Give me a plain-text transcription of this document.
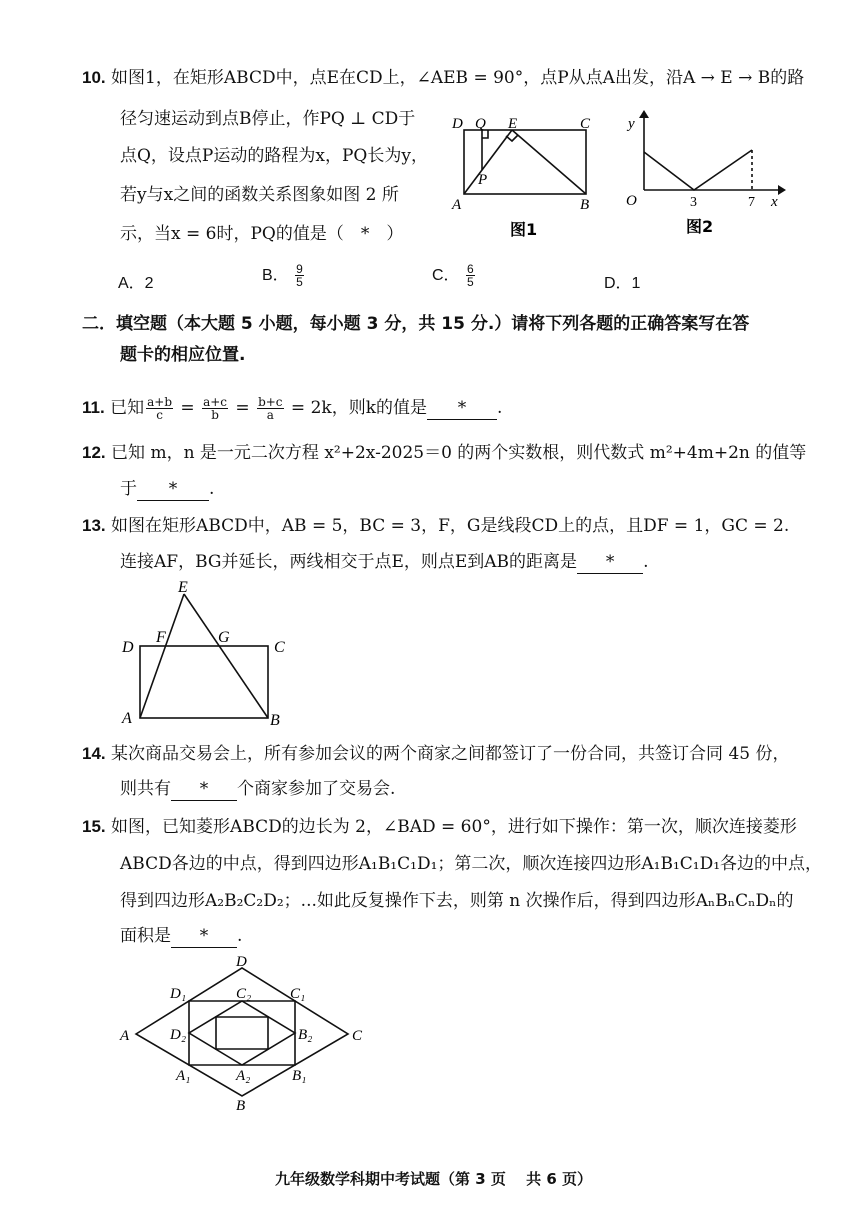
10. 如图1，在矩形ABCD中，点E在CD上，∠AEB = 90°，点P从点A出发，沿A → E → B的路
径匀速运动到点B停止，作PQ ⊥ CD于
点Q，设点P运动的路程为x，PQ长为y，
若y与x之间的函数关系图象如图 2 所
示，当x = 6时，PQ的值是（　*　）
D Q E	C
P
A	B
图1
y
O	3	7 x
图2
A．2	B． $\frac{9}{5}$	C． $\frac{6}{5}$	D．1
二．填空题（本大题 5 小题，每小题 3 分，共 15 分.）请将下列各题的正确答案写在答
题卡的相应位置.
11. 已知 $\frac{a+b}{c} = \frac{a+c}{b} = \frac{b+c}{a} = 2k$，则k的值是 * .
12. 已知 m，n 是一元二次方程 x²+2x-2025＝0 的两个实数根，则代数式 m²+4m+2n 的值等
于 * .
13. 如图在矩形ABCD中，AB = 5，BC = 3，F，G是线段CD上的点，且DF = 1，GC = 2.
连接AF，BG并延长，两线相交于点E，则点E到AB的距离是 * .
E
D
F	G
C
A	B
14. 某次商品交易会上，所有参加会议的两个商家之间都签订了一份合同，共签订合同 45 份，
则共有 * 个商家参加了交易会.
15. 如图，已知菱形ABCD的边长为 2，∠BAD = 60°，进行如下操作：第一次，顺次连接菱形
ABCD各边的中点，得到四边形A₁B₁C₁D₁；第二次，顺次连接四边形A₁B₁C₁D₁各边的中点，
得到四边形A₂B₂C₂D₂；...如此反复操作下去，则第 n 次操作后，得到四边形AₙBₙCₙDₙ的
面积是 * .
D
D₁	C₂	C₁
A	D₂	B₂	C
A₁	A₂	B₁
B
九年级数学科期中考试题（第 3 页　 共 6 页）
